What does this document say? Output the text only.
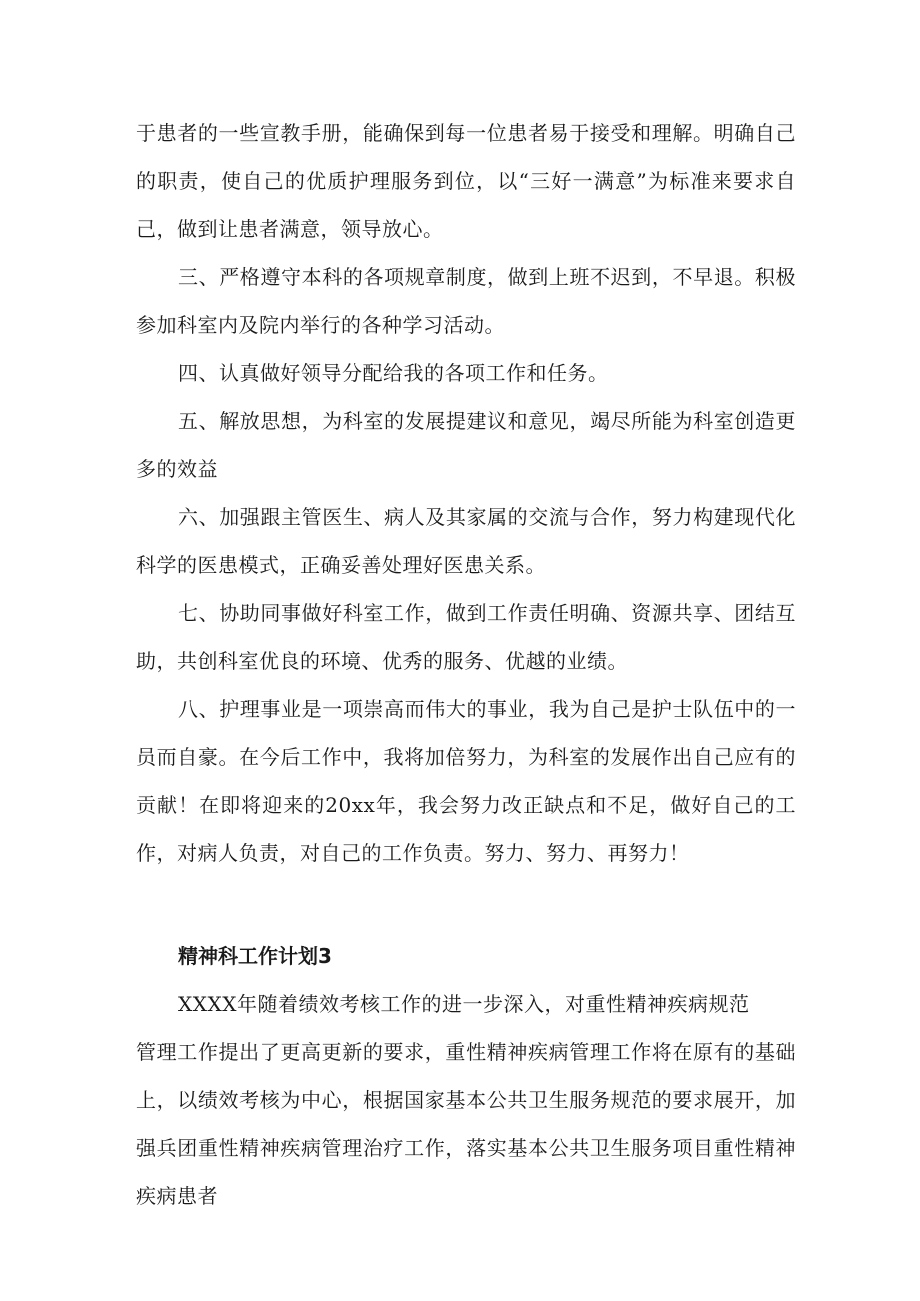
于患者的一些宣教手册，能确保到每一位患者易于接受和理解。明确自己的职责，使自己的优质护理服务到位，以“三好一满意”为标准来要求自己，做到让患者满意，领导放心。

三、严格遵守本科的各项规章制度，做到上班不迟到，不早退。积极参加科室内及院内举行的各种学习活动。

四、认真做好领导分配给我的各项工作和任务。

五、解放思想，为科室的发展提建议和意见，竭尽所能为科室创造更多的效益

六、加强跟主管医生、病人及其家属的交流与合作，努力构建现代化科学的医患模式，正确妥善处理好医患关系。

七、协助同事做好科室工作，做到工作责任明确、资源共享、团结互助，共创科室优良的环境、优秀的服务、优越的业绩。

八、护理事业是一项崇高而伟大的事业，我为自己是护士队伍中的一员而自豪。在今后工作中，我将加倍努力，为科室的发展作出自己应有的贡献！在即将迎来的20xx年，我会努力改正缺点和不足，做好自己的工作，对病人负责，对自己的工作负责。努力、努力、再努力！

精神科工作计划3

XXXX年随着绩效考核工作的进一步深入，对重性精神疾病规范

管理工作提出了更高更新的要求，重性精神疾病管理工作将在原有的基础上，以绩效考核为中心，根据国家基本公共卫生服务规范的要求展开，加强兵团重性精神疾病管理治疗工作，落实基本公共卫生服务项目重性精神疾病患者
